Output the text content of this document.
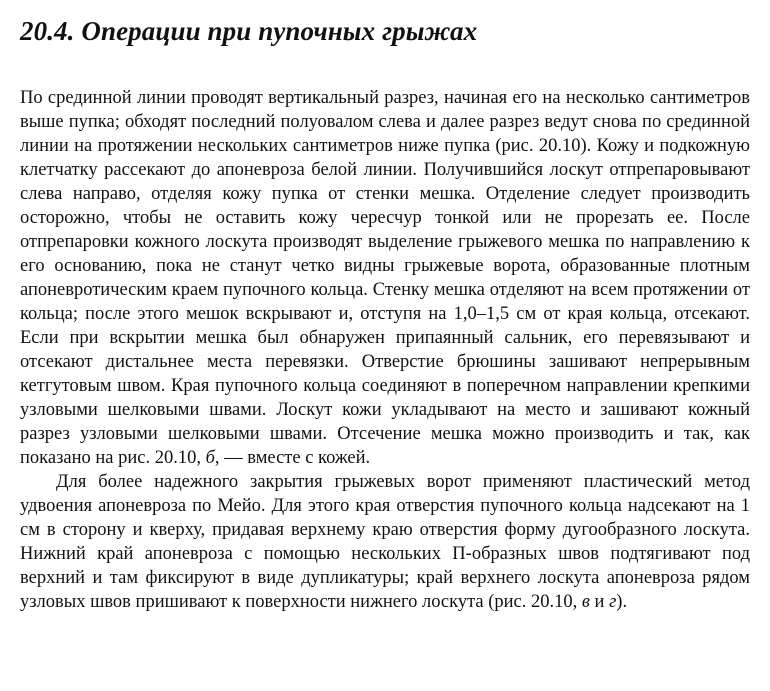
20.4. Операции при пупочных грыжах

По срединной линии проводят вертикальный разрез, начиная его на несколько сантиметров выше пупка; обходят последний полуовалом слева и далее разрез ведут снова по срединной линии на протяжении нескольких сантиметров ниже пупка (рис. 20.10). Кожу и подкожную клетчатку рассекают до апоневроза белой линии. Получившийся лоскут отпрепаровывают слева направо, отделяя кожу пупка от стенки мешка. Отделение следует производить осторожно, чтобы не оставить кожу чересчур тонкой или не прорезать ее. После отпрепаровки кожного лоскута производят выделение грыжевого мешка по направлению к его основанию, пока не станут четко видны грыжевые ворота, образованные плотным апоневротическим краем пупочного кольца. Стенку мешка отделяют на всем протяжении от кольца; после этого мешок вскрывают и, отступя на 1,0–1,5 см от края кольца, отсекают. Если при вскрытии мешка был обнаружен припаянный сальник, его перевязывают и отсекают дистальнее места перевязки. Отверстие брюшины зашивают непрерывным кетгутовым швом. Края пупочного кольца соединяют в поперечном направлении крепкими узловыми шелковыми швами. Лоскут кожи укладывают на место и зашивают кожный разрез узловыми шелковыми швами. Отсечение мешка можно производить и так, как показано на рис. 20.10, б, — вместе с кожей.

Для более надежного закрытия грыжевых ворот применяют пластический метод удвоения апоневроза по Мейо. Для этого края отверстия пупочного кольца надсекают на 1 см в сторону и кверху, придавая верхнему краю отверстия форму дугообразного лоскута. Нижний край апоневроза с помощью нескольких П-образных швов подтягивают под верхний и там фиксируют в виде дупликатуры; край верхнего лоскута апоневроза рядом узловых швов пришивают к поверхности нижнего лоскута (рис. 20.10, в и г).
